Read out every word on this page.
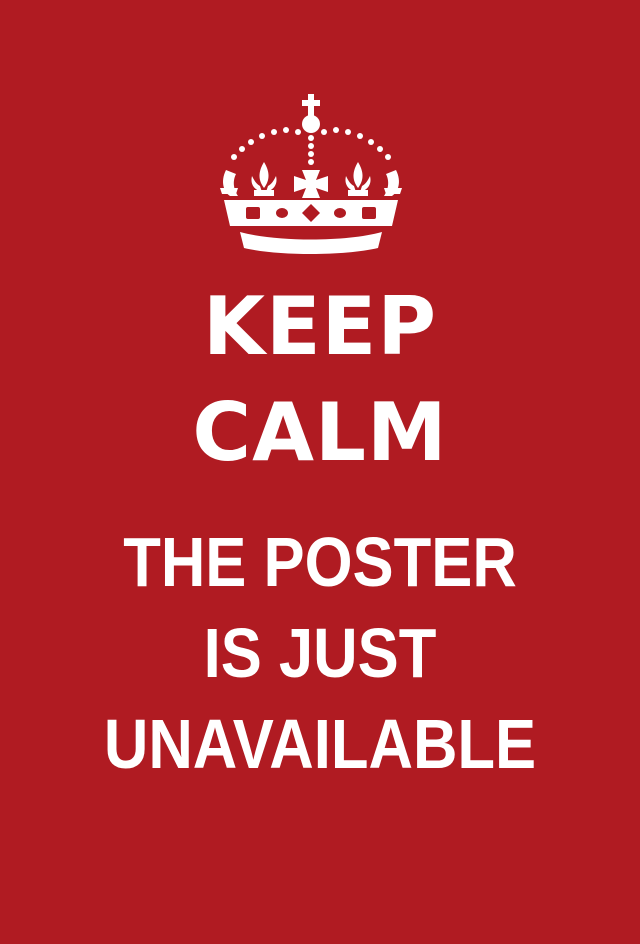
KEEP
CALM
THE POSTER
IS JUST
UNAVAILABLE
